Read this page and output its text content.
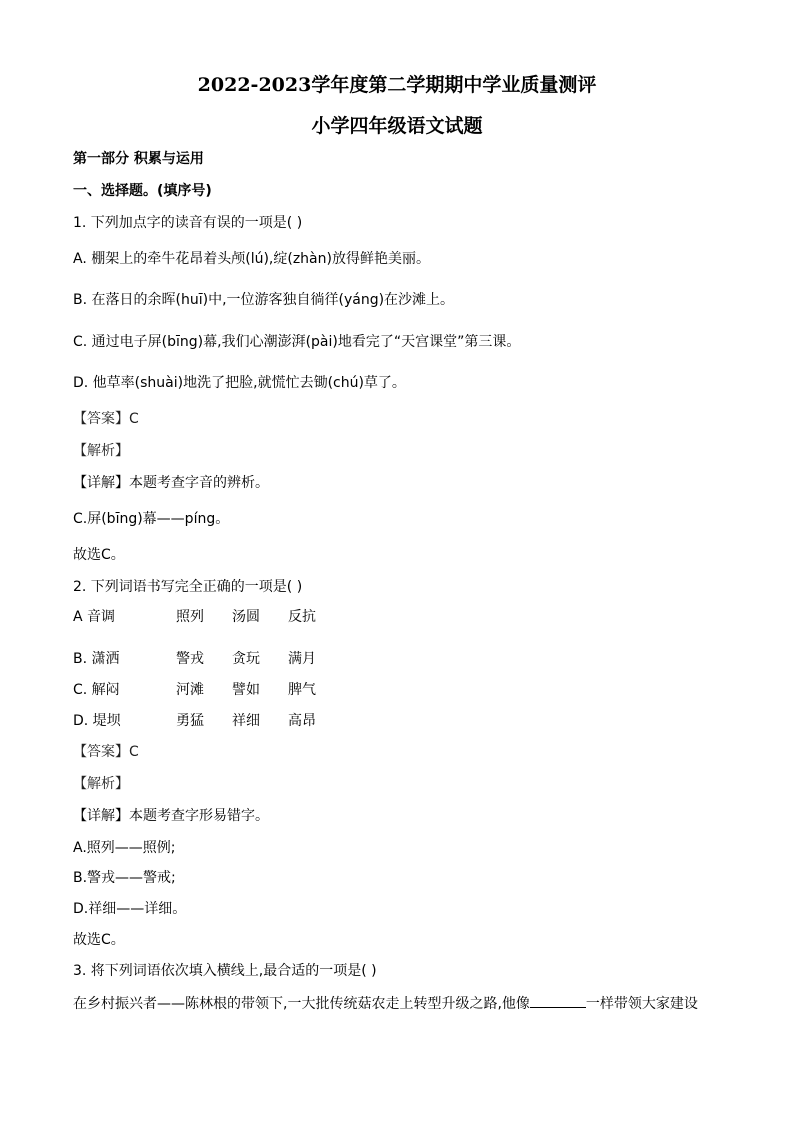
2022-2023学年度第二学期期中学业质量测评
小学四年级语文试题
第一部分 积累与运用
一、选择题。(填序号)
1. 下列加点字的读音有误的一项是( )
A. 棚架上的牵牛花昂着头颅(lú),绽(zhàn)放得鲜艳美丽。
B. 在落日的余晖(huī)中,一位游客独自徜徉(yáng)在沙滩上。
C. 通过电子屏(bīng)幕,我们心潮澎湃(pài)地看完了“天宫课堂”第三课。
D. 他草率(shuài)地洗了把脸,就慌忙去锄(chú)草了。
【答案】C
【解析】
【详解】本题考查字音的辨析。
C.屏(bīng)幕——píng。
故选C。
2. 下列词语书写完全正确的一项是( )
A 音调	照列 汤圆 反抗
B. 潇洒	警戎 贪玩 满月
C. 解闷	河滩 譬如 脾气
D. 堤坝	勇猛 祥细 高昂
【答案】C
【解析】
【详解】本题考查字形易错字。
A.照列——照例;
B.警戎——警戒;
D.祥细——详细。
故选C。
3. 将下列词语依次填入横线上,最合适的一项是( )
在乡村振兴者——陈林根的带领下,一大批传统菇农走上转型升级之路,他像	一样带领大家建设
